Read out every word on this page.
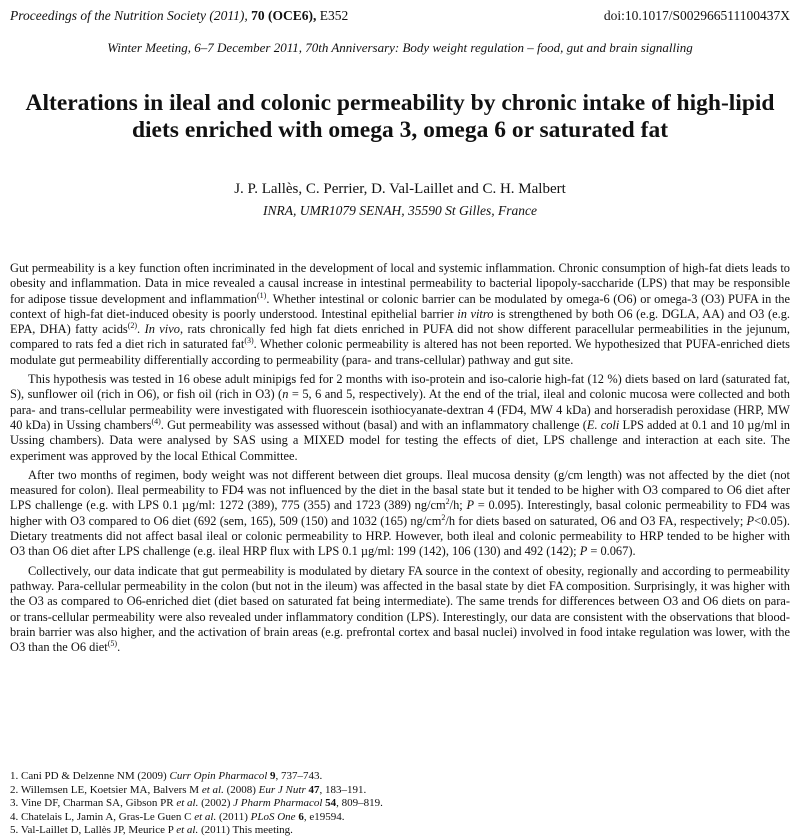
Proceedings of the Nutrition Society (2011), 70 (OCE6), E352	doi:10.1017/S002966511100437X
Winter Meeting, 6–7 December 2011, 70th Anniversary: Body weight regulation – food, gut and brain signalling
Alterations in ileal and colonic permeability by chronic intake of high-lipid diets enriched with omega 3, omega 6 or saturated fat
J. P. Lallès, C. Perrier, D. Val-Laillet and C. H. Malbert
INRA, UMR1079 SENAH, 35590 St Gilles, France

Gut permeability is a key function often incriminated in the development of local and systemic inflammation. Chronic consumption of high-fat diets leads to obesity and inflammation. Data in mice revealed a causal increase in intestinal permeability to bacterial lipopoly-saccharide (LPS) that may be responsible for adipose tissue development and inflammation$^{(1)}$. Whether intestinal or colonic barrier can be modulated by omega-6 (O6) or omega-3 (O3) PUFA in the context of high-fat diet-induced obesity is poorly understood. Intestinal epithelial barrier in vitro is strengthened by both O6 (e.g. DGLA, AA) and O3 (e.g. EPA, DHA) fatty acids$^{(2)}$. In vivo, rats chronically fed high fat diets enriched in PUFA did not show different paracellular permeabilities in the jejunum, compared to rats fed a diet rich in saturated fat$^{(3)}$. Whether colonic permeability is altered has not been reported. We hypothesized that PUFA-enriched diets modulate gut permeability differentially according to permeability (para- and trans-cellular) pathway and gut site.

This hypothesis was tested in 16 obese adult minipigs fed for 2 months with iso-protein and iso-calorie high-fat (12 %) diets based on lard (saturated fat, S), sunflower oil (rich in O6), or fish oil (rich in O3) (n = 5, 6 and 5, respectively). At the end of the trial, ileal and colonic mucosa were collected and both para- and trans-cellular permeability were investigated with fluorescein isothiocyanate-dextran 4 (FD4, MW 4 kDa) and horseradish peroxidase (HRP, MW 40 kDa) in Ussing chambers$^{(4)}$. Gut permeability was assessed without (basal) and with an inflammatory challenge (E. coli LPS added at 0.1 and 10 µg/ml in Ussing chambers). Data were analysed by SAS using a MIXED model for testing the effects of diet, LPS challenge and interaction at each site. The experiment was approved by the local Ethical Committee.

After two months of regimen, body weight was not different between diet groups. Ileal mucosa density (g/cm length) was not affected by the diet (not measured for colon). Ileal permeability to FD4 was not influenced by the diet in the basal state but it tended to be higher with O3 compared to O6 diet after LPS challenge (e.g. with LPS 0.1 µg/ml: 1272 (389), 775 (355) and 1723 (389) $ng/cm^2/h$; P = 0.095). Interestingly, basal colonic permeability to FD4 was higher with O3 compared to O6 diet (692 (sem, 165), 509 (150) and 1032 (165) $ng/cm^2/h$ for diets based on saturated, O6 and O3 FA, respectively; P<0.05). Dietary treatments did not affect basal ileal or colonic permeability to HRP. However, both ileal and colonic permeability to HRP tended to be higher with O3 than O6 diet after LPS challenge (e.g. ileal HRP flux with LPS 0.1 µg/ml: 199 (142), 106 (130) and 492 (142); P = 0.067).

Collectively, our data indicate that gut permeability is modulated by dietary FA source in the context of obesity, regionally and according to permeability pathway. Para-cellular permeability in the colon (but not in the ileum) was affected in the basal state by diet FA composition. Surprisingly, it was higher with the O3 as compared to O6-enriched diet (diet based on saturated fat being intermediate). The same trends for differences between O3 and O6 diets on para- or trans-cellular permeability were also revealed under inflammatory condition (LPS). Interestingly, our data are consistent with the observations that blood-brain barrier was also higher, and the activation of brain areas (e.g. prefrontal cortex and basal nuclei) involved in food intake regulation was lower, with the O3 than the O6 diet$^{(5)}$.

1. Cani PD & Delzenne NM (2009) Curr Opin Pharmacol 9, 737–743.
2. Willemsen LE, Koetsier MA, Balvers M et al. (2008) Eur J Nutr 47, 183–191.
3. Vine DF, Charman SA, Gibson PR et al. (2002) J Pharm Pharmacol 54, 809–819.
4. Chatelais L, Jamin A, Gras-Le Guen C et al. (2011) PLoS One 6, e19594.
5. Val-Laillet D, Lallès JP, Meurice P et al. (2011) This meeting.
